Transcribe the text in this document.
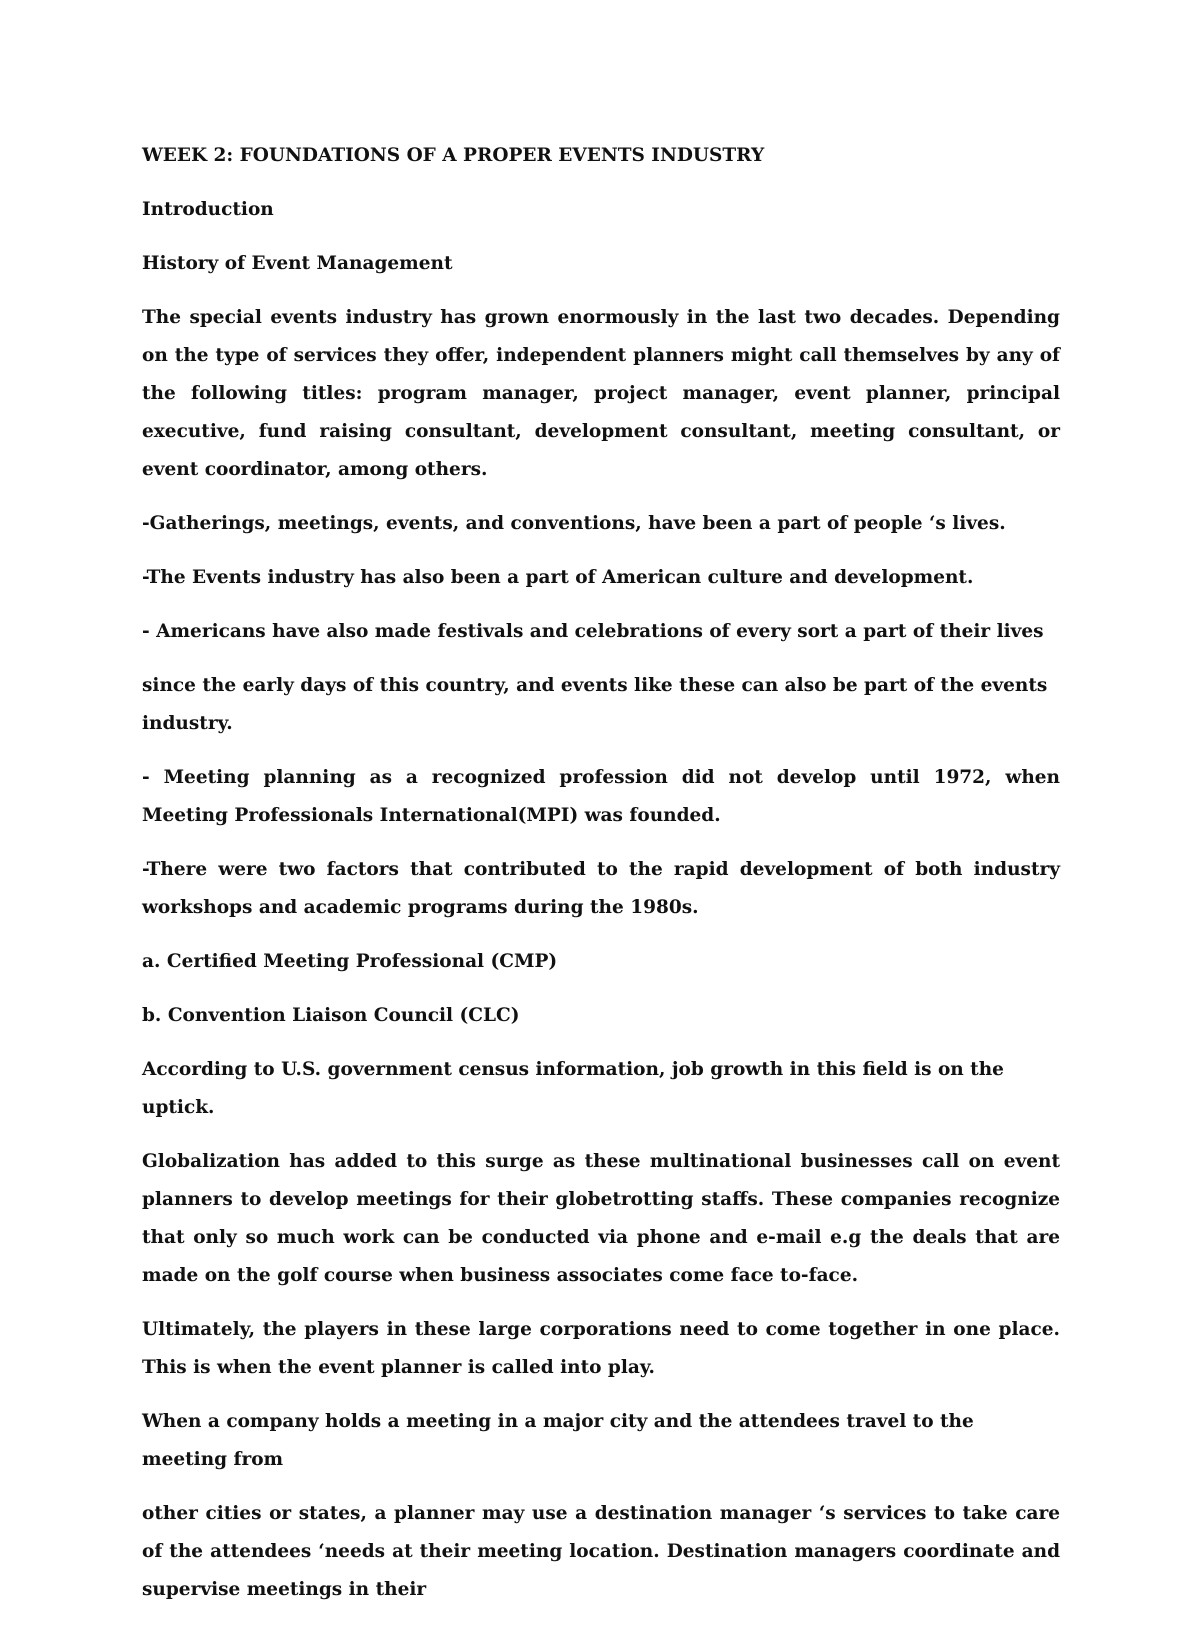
WEEK 2: FOUNDATIONS OF A PROPER EVENTS INDUSTRY

Introduction

History of Event Management

The special events industry has grown enormously in the last two decades. Depending on the type of services they offer, independent planners might call themselves by any of the following titles: program manager, project manager, event planner, principal executive, fund raising consultant, development consultant, meeting consultant, or event coordinator, among others.

-Gatherings, meetings, events, and conventions, have been a part of people ‘s lives.

-The Events industry has also been a part of American culture and development.

- Americans have also made festivals and celebrations of every sort a part of their lives

since the early days of this country, and events like these can also be part of the events industry.

- Meeting planning as a recognized profession did not develop until 1972, when Meeting Professionals International(MPI) was founded.

-There were two factors that contributed to the rapid development of both industry workshops and academic programs during the 1980s.

a. Certified Meeting Professional (CMP)

b. Convention Liaison Council (CLC)

According to U.S. government census information, job growth in this field is on the uptick.

Globalization has added to this surge as these multinational businesses call on event planners to develop meetings for their globetrotting staffs. These companies recognize that only so much work can be conducted via phone and e-mail e.g the deals that are made on the golf course when business associates come face to-face.

Ultimately, the players in these large corporations need to come together in one place. This is when the event planner is called into play.

When a company holds a meeting in a major city and the attendees travel to the meeting from

other cities or states, a planner may use a destination manager ‘s services to take care of the attendees ‘needs at their meeting location. Destination managers coordinate and supervise meetings in their
